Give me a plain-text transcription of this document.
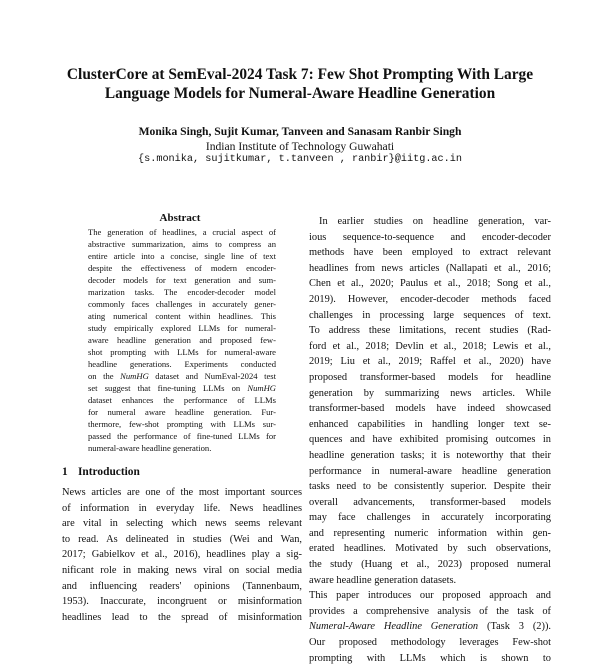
ClusterCore at SemEval-2024 Task 7: Few Shot Prompting With Large
Language Models for Numeral-Aware Headline Generation
Monika Singh, Sujit Kumar, Tanveen and Sanasam Ranbir Singh
Indian Institute of Technology Guwahati
{s.monika, sujitkumar, t.tanveen , ranbir}@iitg.ac.in
Abstract
The generation of headlines, a crucial aspect of
abstractive summarization, aims to compress an
entire article into a concise, single line of text
despite the effectiveness of modern encoder-
decoder models for text generation and sum-
marization tasks. The encoder-decoder model
commonly faces challenges in accurately gener-
ating numerical content within headlines. This
study empirically explored LLMs for numeral-
aware headline generation and proposed few-
shot prompting with LLMs for numeral-aware
headline generations. Experiments conducted
on the NumHG dataset and NumEval-2024 test
set suggest that fine-tuning LLMs on NumHG
dataset enhances the performance of LLMs
for numeral aware headline generation. Fur-
thermore, few-shot prompting with LLMs sur-
passed the performance of fine-tuned LLMs for
numeral-aware headline generation.
1 Introduction
News articles are one of the most important sources
of information in everyday life. News headlines
are vital in selecting which news seems relevant
to read. As delineated in studies (Wei and Wan,
2017; Gabielkov et al., 2016), headlines play a sig-
nificant role in making news viral on social media
and influencing readers' opinions (Tannenbaum,
1953). Inaccurate, incongruent or misinformation
headlines lead to the spread of misinformation
In earlier studies on headline generation, var-
ious sequence-to-sequence and encoder-decoder
methods have been employed to extract relevant
headlines from news articles (Nallapati et al., 2016;
Chen et al., 2020; Paulus et al., 2018; Song et al.,
2019). However, encoder-decoder methods faced
challenges in processing large sequences of text.
To address these limitations, recent studies (Rad-
ford et al., 2018; Devlin et al., 2018; Lewis et al.,
2019; Liu et al., 2019; Raffel et al., 2020) have
proposed transformer-based models for headline
generation by summarizing news articles. While
transformer-based models have indeed showcased
enhanced capabilities in handling longer text se-
quences and have exhibited promising outcomes in
headline generation tasks; it is noteworthy that their
performance in numeral-aware headline generation
tasks need to be consistently superior. Despite their
overall advancements, transformer-based models
may face challenges in accurately incorporating
and representing numeric information within gen-
erated headlines. Motivated by such observations,
the study (Huang et al., 2023) proposed numeral
aware headline generation datasets.
This paper introduces our proposed approach and
provides a comprehensive analysis of the task of
Numeral-Aware Headline Generation (Task 3 (2)).
Our proposed methodology leverages Few-shot
prompting with LLMs which is shown to
